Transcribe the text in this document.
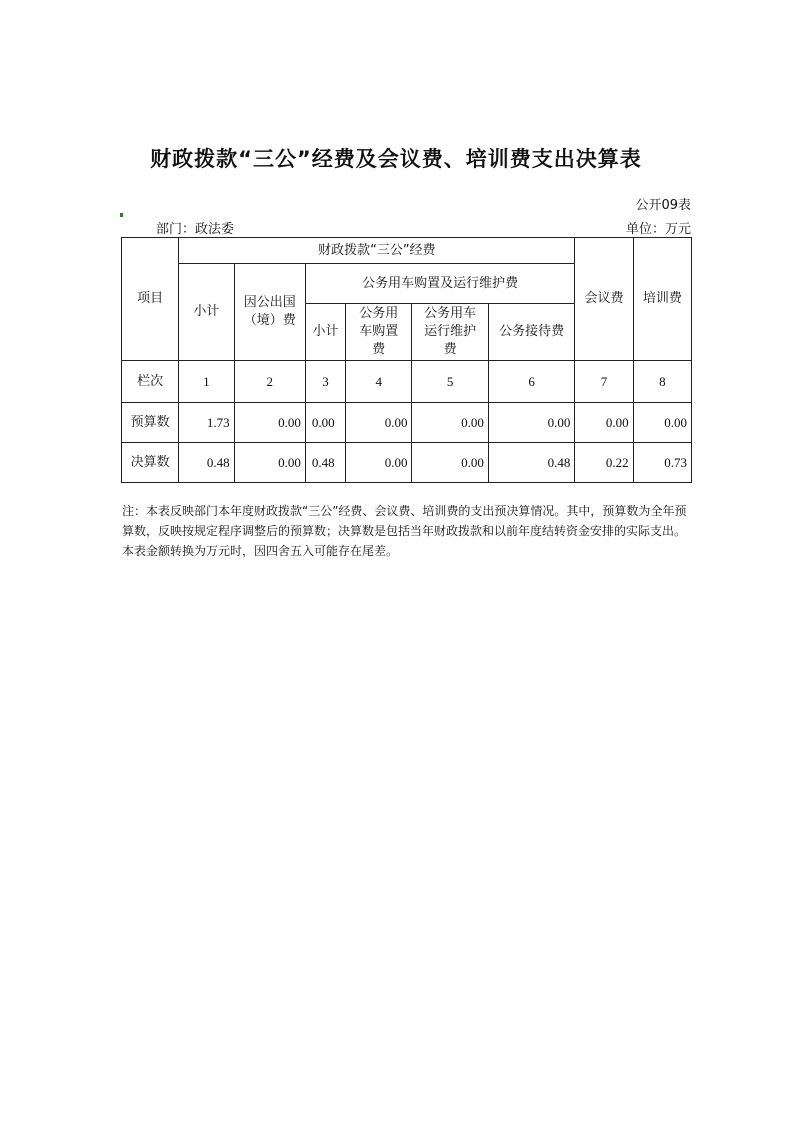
财政拨款“三公”经费及会议费、培训费支出决算表
公开09表
部门：政法委	单位：万元
项目	财政拨款“三公”经费						会议费	培训费
	小计	因公出国（境）费	公务用车购置及运行维护费					
			小计	公务用车购置费	公务用车运行维护费	公务接待费		
栏次	1	2	3	4	5	6	7	8
预算数	1.73	0.00	0.00	0.00	0.00	0.00	0.00	0.00
决算数	0.48	0.00	0.48	0.00	0.00	0.48	0.22	0.73
注：本表反映部门本年度财政拨款“三公”经费、会议费、培训费的支出预决算情况。其中，预算数为全年预算数，反映按规定程序调整后的预算数；决算数是包括当年财政拨款和以前年度结转资金安排的实际支出。本表金额转换为万元时，因四舍五入可能存在尾差。
